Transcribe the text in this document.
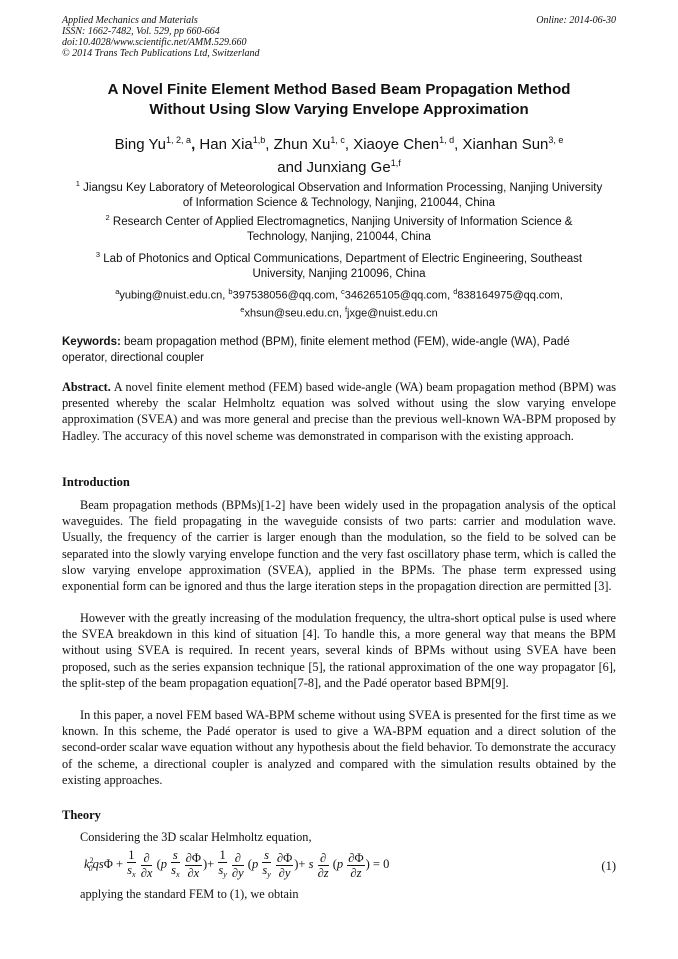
Applied Mechanics and Materials
ISSN: 1662-7482, Vol. 529, pp 660-664
doi:10.4028/www.scientific.net/AMM.529.660
© 2014 Trans Tech Publications Ltd, Switzerland
Online: 2014-06-30
A Novel Finite Element Method Based Beam Propagation Method
Without Using Slow Varying Envelope Approximation
Bing Yu$^{1, 2, a}$, Han Xia$^{1,b}$, Zhun Xu$^{1, c}$, Xiaoye Chen$^{1, d}$, Xianhan Sun$^{3, e}$
and Junxiang Ge$^{1,f}$
$^1$ Jiangsu Key Laboratory of Meteorological Observation and Information Processing, Nanjing University of Information Science & Technology, Nanjing, 210044, China
$^2$ Research Center of Applied Electromagnetics, Nanjing University of Information Science & Technology, Nanjing, 210044, China
$^3$ Lab of Photonics and Optical Communications, Department of Electric Engineering, Southeast University, Nanjing 210096, China
$^a$yubing@nuist.edu.cn, $^b$397538056@qq.com, $^c$346265105@qq.com, $^d$838164975@qq.com,
$^e$xhsun@seu.edu.cn, $^f$jxge@nuist.edu.cn
Keywords: beam propagation method (BPM), finite element method (FEM), wide-angle (WA), Padé operator, directional coupler
Abstract. A novel finite element method (FEM) based wide-angle (WA) beam propagation method (BPM) was presented whereby the scalar Helmholtz equation was solved without using the slow varying envelope approximation (SVEA) and was more general and precise than the previous well-known WA-BPM proposed by Hadley. The accuracy of this novel scheme was demonstrated in comparison with the existing approach.
Introduction
Beam propagation methods (BPMs)[1-2] have been widely used in the propagation analysis of the optical waveguides. The field propagating in the waveguide consists of two parts: carrier and modulation wave. Usually, the frequency of the carrier is larger enough than the modulation, so the field to be solved can be separated into the slowly varying envelope function and the very fast oscillatory phase term, which is called the slow varying envelope approximation (SVEA), applied in the BPMs. The phase term expressed using exponential form can be ignored and thus the large iteration steps in the propagation direction are permitted [3].
However with the greatly increasing of the modulation frequency, the ultra-short optical pulse is used where the SVEA breakdown in this kind of situation [4]. To handle this, a more general way that means the BPM without using SVEA is required. In recent years, several kinds of BPMs without using SVEA have been proposed, such as the series expansion technique [5], the rational approximation of the one way propagator [6], the split-step of the beam propagation equation[7-8], and the Padé operator based BPM[9].
In this paper, a novel FEM based WA-BPM scheme without using SVEA is presented for the first time as we known. In this scheme, the Padé operator is used to give a WA-BPM equation and a direct solution of the second-order scalar wave equation without any hypothesis about the field behavior. To demonstrate the accuracy of the scheme, a directional coupler is analyzed and compared with the simulation results obtained by the existing approaches.
Theory
Considering the 3D scalar Helmholtz equation,
$k^2_0qs\Phi + \frac{1}{s_x}$
$\frac{\partial}{\partial x} (p \frac{s}{s_x}$
$\frac{\partial\Phi}{\partial x}$ )+ $\frac{1}{s_y}$
$\frac{\partial}{\partial y} (p \frac{s}{s_y}$
$\frac{\partial\Phi}{\partial y}$ )+ s $\frac{\partial}{\partial z} (p \frac{\partial\Phi}{\partial z}$ ) = 0	(1)
applying the standard FEM to (1), we obtain
